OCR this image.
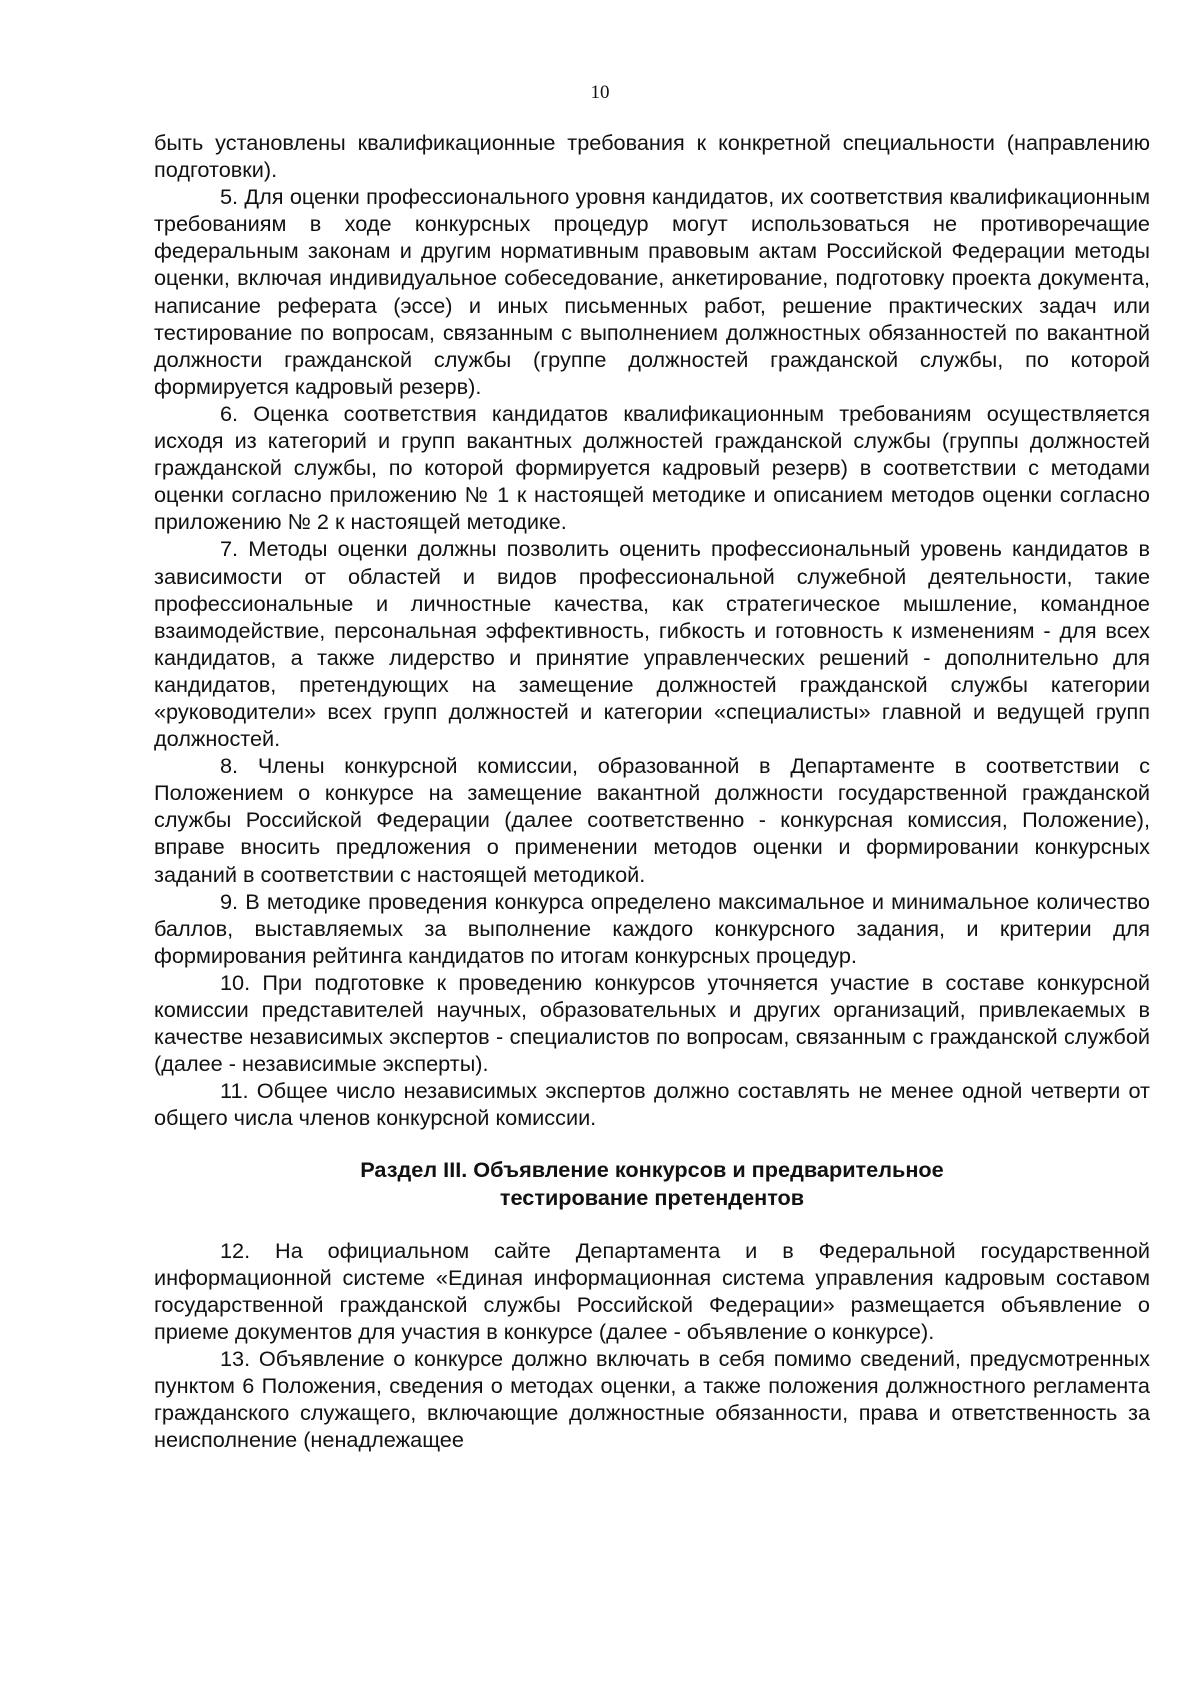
10

быть установлены квалификационные требования к конкретной специальности (направлению подготовки).

5. Для оценки профессионального уровня кандидатов, их соответствия квалификационным требованиям в ходе конкурсных процедур могут использоваться не противоречащие федеральным законам и другим нормативным правовым актам Российской Федерации методы оценки, включая индивидуальное собеседование, анкетирование, подготовку проекта документа, написание реферата (эссе) и иных письменных работ, решение практических задач или тестирование по вопросам, связанным с выполнением должностных обязанностей по вакантной должности гражданской службы (группе должностей гражданской службы, по которой формируется кадровый резерв).

6. Оценка соответствия кандидатов квалификационным требованиям осуществляется исходя из категорий и групп вакантных должностей гражданской службы (группы должностей гражданской службы, по которой формируется кадровый резерв) в соответствии с методами оценки согласно приложению № 1 к настоящей методике и описанием методов оценки согласно приложению № 2 к настоящей методике.

7. Методы оценки должны позволить оценить профессиональный уровень кандидатов в зависимости от областей и видов профессиональной служебной деятельности, такие профессиональные и личностные качества, как стратегическое мышление, командное взаимодействие, персональная эффективность, гибкость и готовность к изменениям - для всех кандидатов, а также лидерство и принятие управленческих решений - дополнительно для кандидатов, претендующих на замещение должностей гражданской службы категории «руководители» всех групп должностей и категории «специалисты» главной и ведущей групп должностей.

8. Члены конкурсной комиссии, образованной в Департаменте в соответствии с Положением о конкурсе на замещение вакантной должности государственной гражданской службы Российской Федерации (далее соответственно - конкурсная комиссия, Положение), вправе вносить предложения о применении методов оценки и формировании конкурсных заданий в соответствии с настоящей методикой.

9. В методике проведения конкурса определено максимальное и минимальное количество баллов, выставляемых за выполнение каждого конкурсного задания, и критерии для формирования рейтинга кандидатов по итогам конкурсных процедур.

10. При подготовке к проведению конкурсов уточняется участие в составе конкурсной комиссии представителей научных, образовательных и других организаций, привлекаемых в качестве независимых экспертов - специалистов по вопросам, связанным с гражданской службой (далее - независимые эксперты).

11. Общее число независимых экспертов должно составлять не менее одной четверти от общего числа членов конкурсной комиссии.

Раздел III. Объявление конкурсов и предварительное
тестирование претендентов

12. На официальном сайте Департамента и в Федеральной государственной информационной системе «Единая информационная система управления кадровым составом государственной гражданской службы Российской Федерации» размещается объявление о приеме документов для участия в конкурсе (далее - объявление о конкурсе).

13. Объявление о конкурсе должно включать в себя помимо сведений, предусмотренных пунктом 6 Положения, сведения о методах оценки, а также положения должностного регламента гражданского служащего, включающие должностные обязанности, права и ответственность за неисполнение (ненадлежащее
